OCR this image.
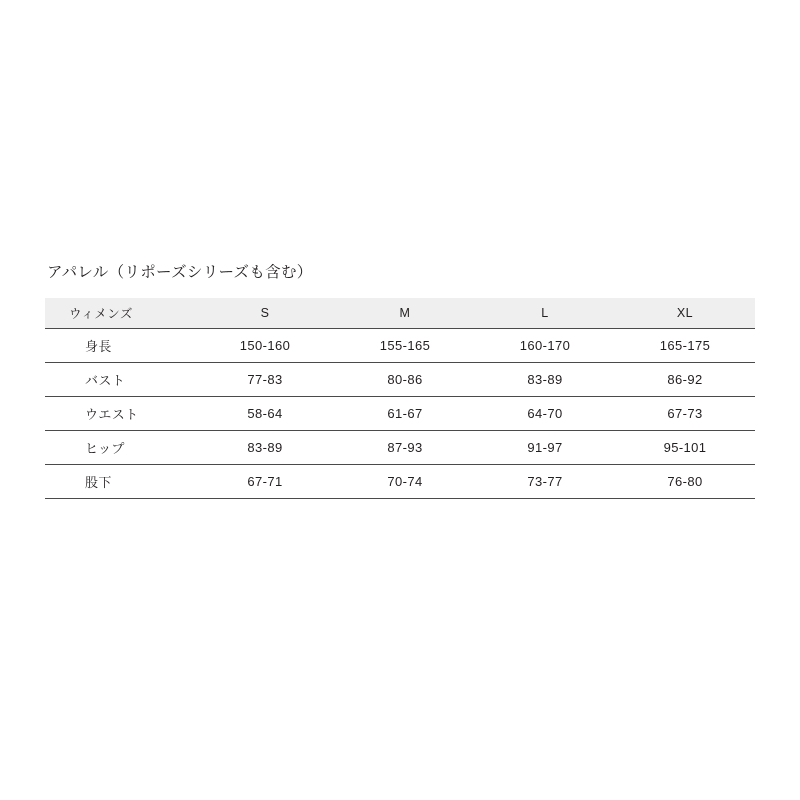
アパレル（リポーズシリーズも含む）
ウィメンズ	S	M	L	XL
身長	150-160	155-165	160-170	165-175
バスト	77-83	80-86	83-89	86-92
ウエスト	58-64	61-67	64-70	67-73
ヒップ	83-89	87-93	91-97	95-101
股下	67-71	70-74	73-77	76-80
